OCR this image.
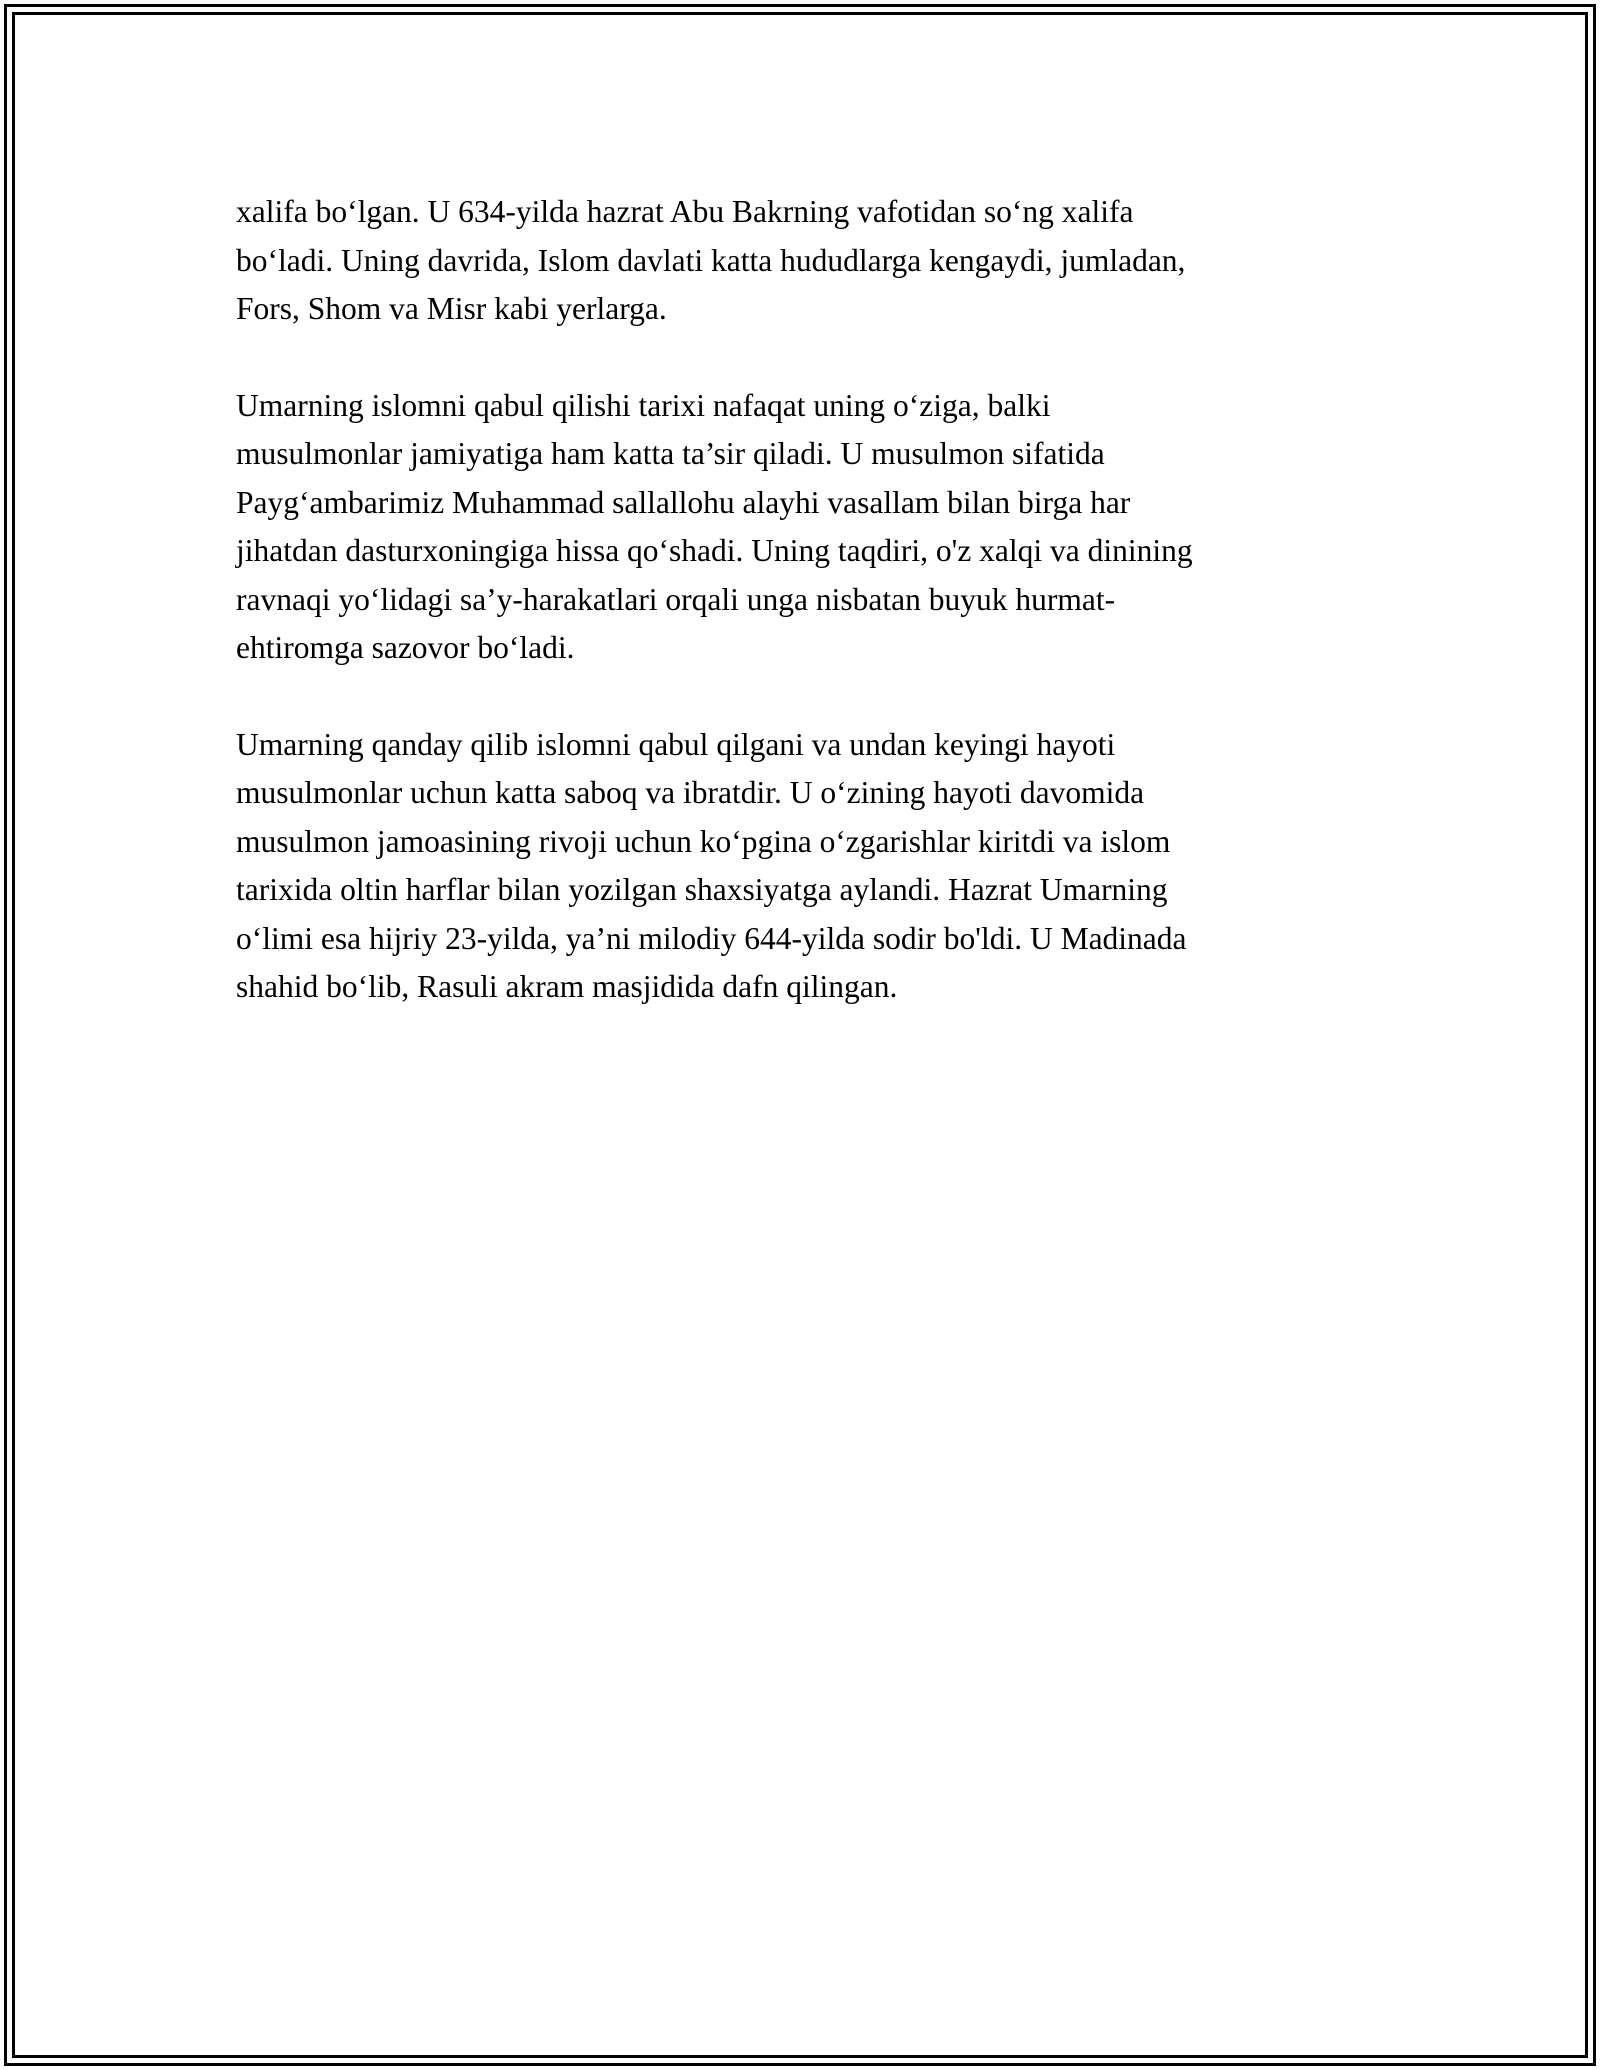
xalifa bo‘lgan. U 634-yilda hazrat Abu Bakrning vafotidan so‘ng xalifa
bo‘ladi. Uning davrida, Islom davlati katta hududlarga kengaydi, jumladan,
Fors, Shom va Misr kabi yerlarga.

Umarning islomni qabul qilishi tarixi nafaqat uning o‘ziga, balki
musulmonlar jamiyatiga ham katta ta’sir qiladi. U musulmon sifatida
Payg‘ambarimiz Muhammad sallallohu alayhi vasallam bilan birga har
jihatdan dasturxoningiga hissa qo‘shadi. Uning taqdiri, o'z xalqi va dinining
ravnaqi yo‘lidagi sa’y-harakatlari orqali unga nisbatan buyuk hurmat-
ehtiromga sazovor bo‘ladi.

Umarning qanday qilib islomni qabul qilgani va undan keyingi hayoti
musulmonlar uchun katta saboq va ibratdir. U o‘zining hayoti davomida
musulmon jamoasining rivoji uchun ko‘pgina o‘zgarishlar kiritdi va islom
tarixida oltin harflar bilan yozilgan shaxsiyatga aylandi. Hazrat Umarning
o‘limi esa hijriy 23-yilda, ya’ni milodiy 644-yilda sodir bo'ldi. U Madinada
shahid bo‘lib, Rasuli akram masjidida dafn qilingan.
